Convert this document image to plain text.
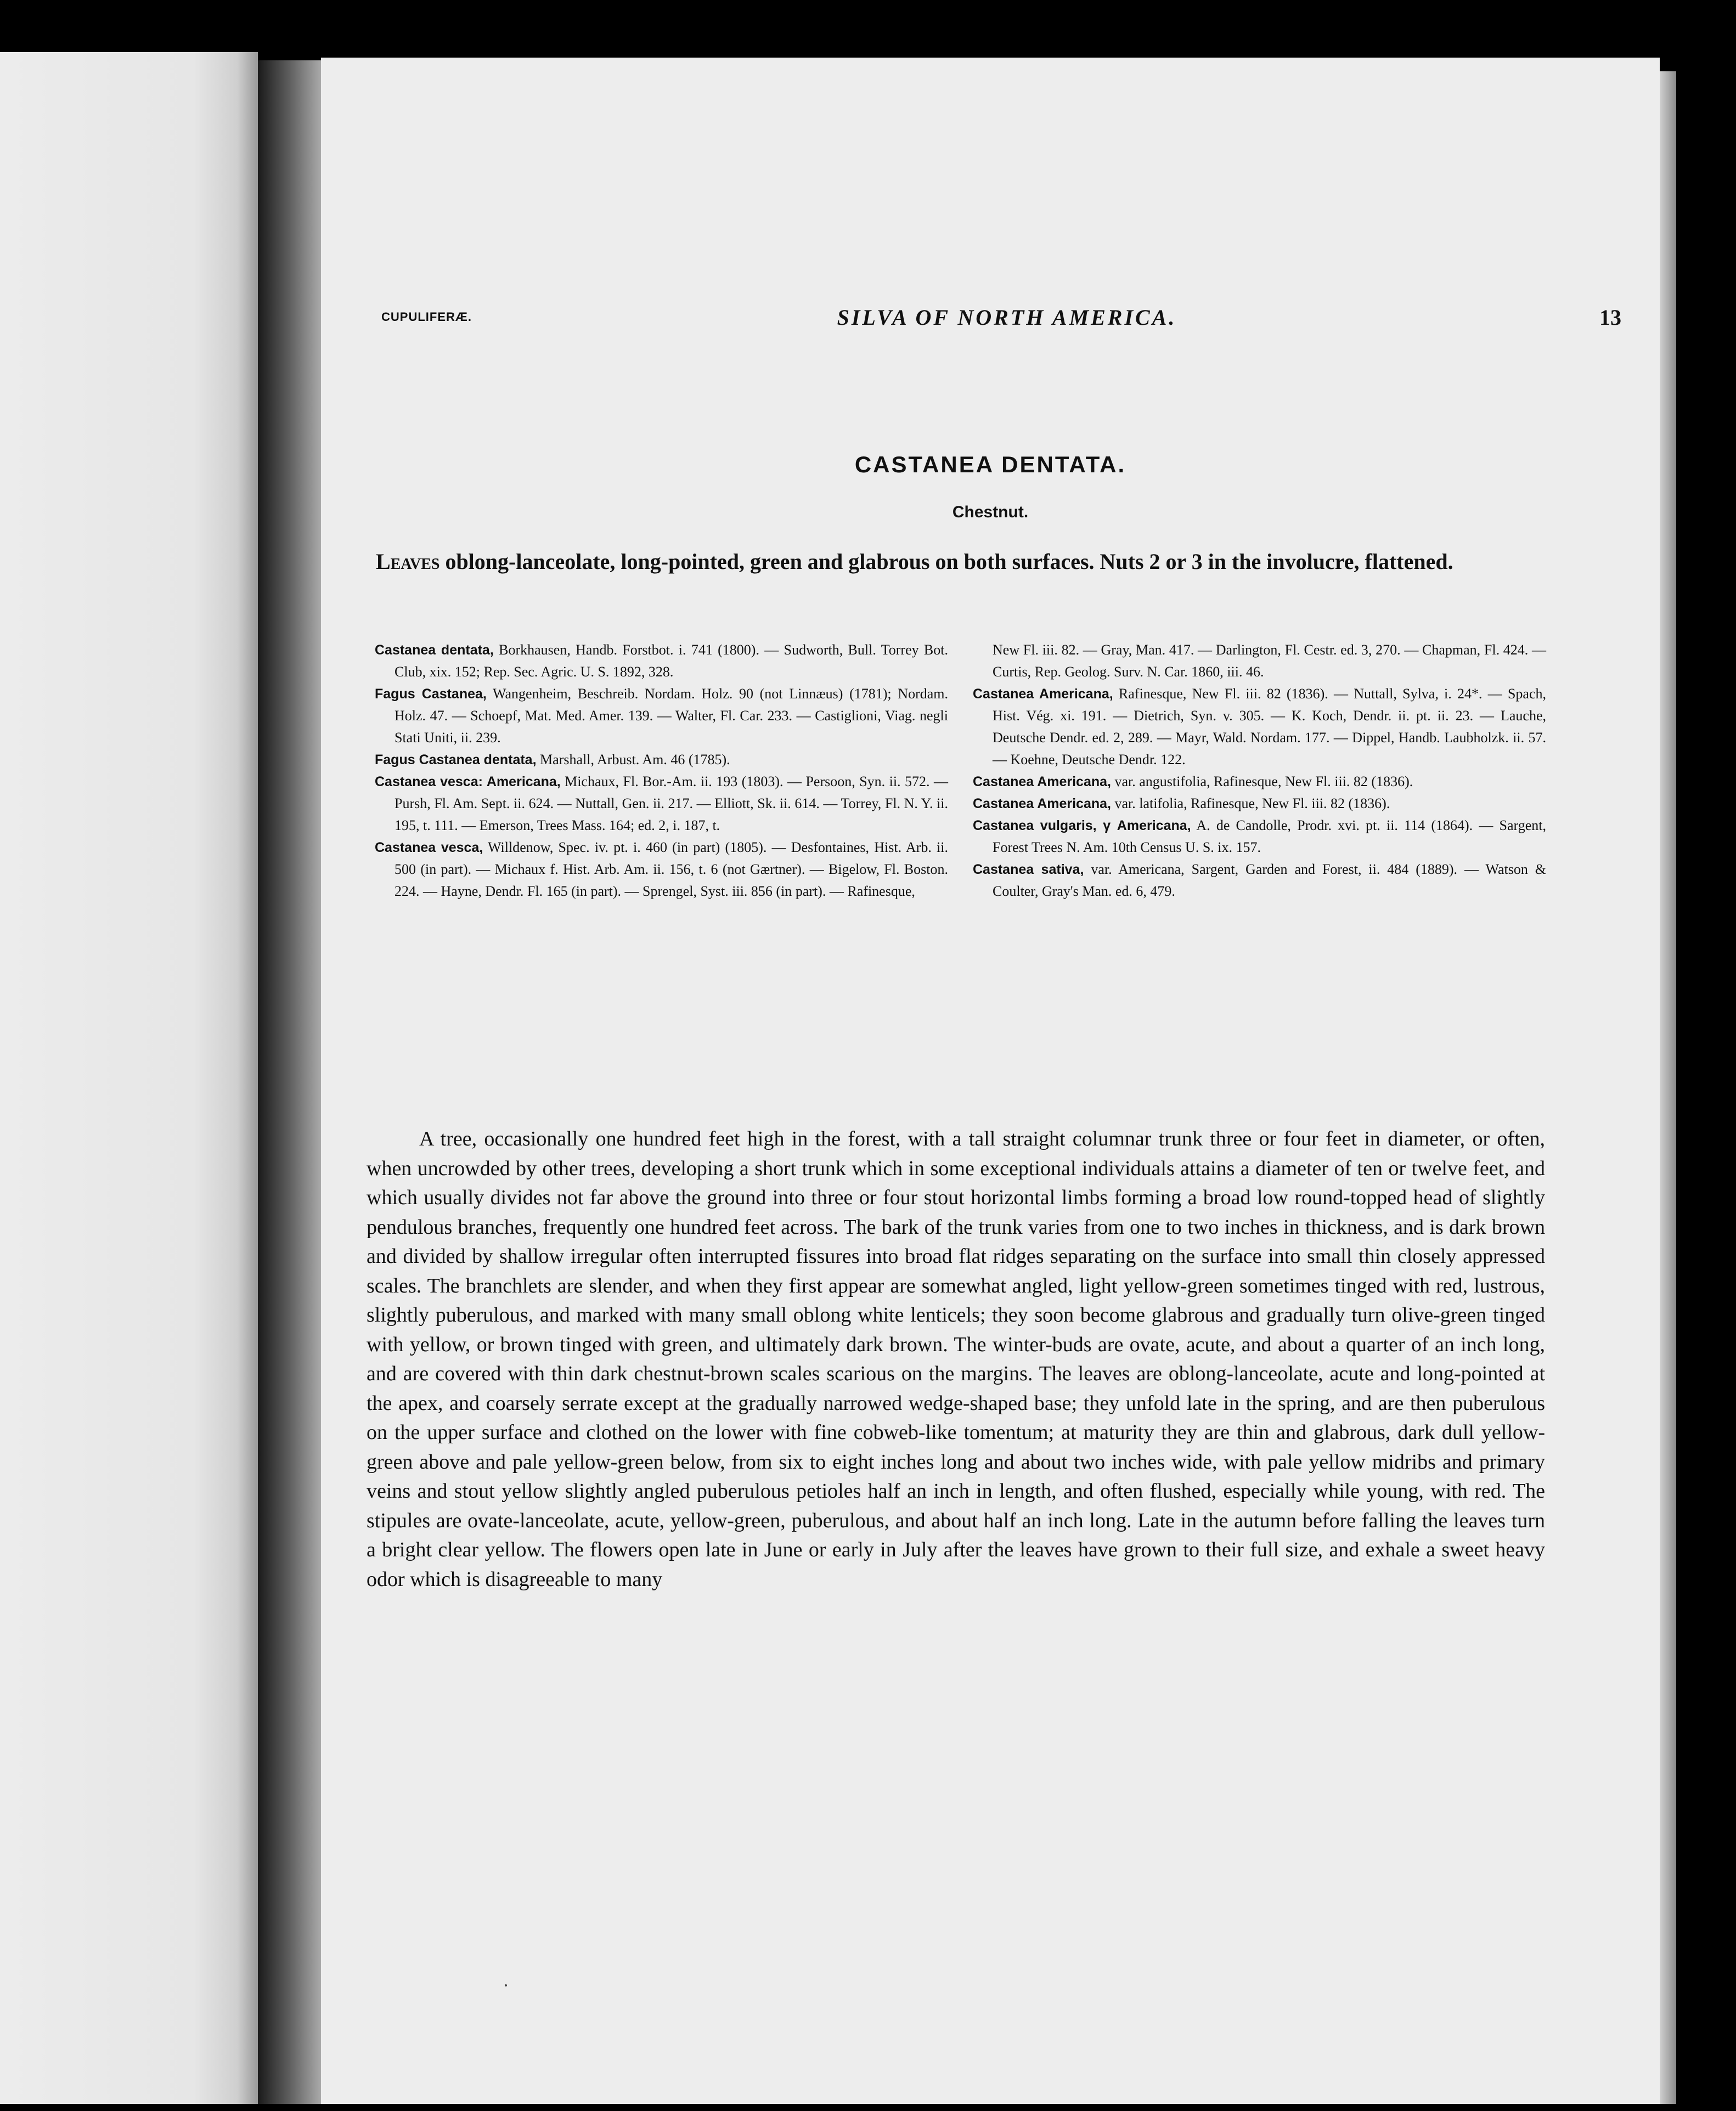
CUPULIFERÆ.	SILVA OF NORTH AMERICA.	13
CASTANEA DENTATA.
Chestnut.

Leaves oblong-lanceolate, long-pointed, green and glabrous on both surfaces. Nuts 2 or 3 in the involucre, flattened.

Castanea dentata, Borkhausen, Handb. Forstbot. i. 741 (1800). — Sudworth, Bull. Torrey Bot. Club, xix. 152; Rep. Sec. Agric. U. S. 1892, 328.

Fagus Castanea, Wangenheim, Beschreib. Nordam. Holz. 90 (not Linnæus) (1781); Nordam. Holz. 47. — Schoepf, Mat. Med. Amer. 139. — Walter, Fl. Car. 233. — Castiglioni, Viag. negli Stati Uniti, ii. 239.

Fagus Castanea dentata, Marshall, Arbust. Am. 46 (1785).

Castanea vesca: Americana, Michaux, Fl. Bor.-Am. ii. 193 (1803). — Persoon, Syn. ii. 572. — Pursh, Fl. Am. Sept. ii. 624. — Nuttall, Gen. ii. 217. — Elliott, Sk. ii. 614. — Torrey, Fl. N. Y. ii. 195, t. 111. — Emerson, Trees Mass. 164; ed. 2, i. 187, t.

Castanea vesca, Willdenow, Spec. iv. pt. i. 460 (in part) (1805). — Desfontaines, Hist. Arb. ii. 500 (in part). — Michaux f. Hist. Arb. Am. ii. 156, t. 6 (not Gærtner). — Bigelow, Fl. Boston. 224. — Hayne, Dendr. Fl. 165 (in part). — Sprengel, Syst. iii. 856 (in part). — Rafinesque,

New Fl. iii. 82. — Gray, Man. 417. — Darlington, Fl. Cestr. ed. 3, 270. — Chapman, Fl. 424. — Curtis, Rep. Geolog. Surv. N. Car. 1860, iii. 46.

Castanea Americana, Rafinesque, New Fl. iii. 82 (1836). — Nuttall, Sylva, i. 24*. — Spach, Hist. Vég. xi. 191. — Dietrich, Syn. v. 305. — K. Koch, Dendr. ii. pt. ii. 23. — Lauche, Deutsche Dendr. ed. 2, 289. — Mayr, Wald. Nordam. 177. — Dippel, Handb. Laubholzk. ii. 57. — Koehne, Deutsche Dendr. 122.

Castanea Americana, var. angustifolia, Rafinesque, New Fl. iii. 82 (1836).

Castanea Americana, var. latifolia, Rafinesque, New Fl. iii. 82 (1836).

Castanea vulgaris, γ Americana, A. de Candolle, Prodr. xvi. pt. ii. 114 (1864). — Sargent, Forest Trees N. Am. 10th Census U. S. ix. 157.

Castanea sativa, var. Americana, Sargent, Garden and Forest, ii. 484 (1889). — Watson & Coulter, Gray's Man. ed. 6, 479.

A tree, occasionally one hundred feet high in the forest, with a tall straight columnar trunk three or four feet in diameter, or often, when uncrowded by other trees, developing a short trunk which in some exceptional individuals attains a diameter of ten or twelve feet, and which usually divides not far above the ground into three or four stout horizontal limbs forming a broad low round-topped head of slightly pendulous branches, frequently one hundred feet across. The bark of the trunk varies from one to two inches in thickness, and is dark brown and divided by shallow irregular often interrupted fissures into broad flat ridges separating on the surface into small thin closely appressed scales. The branchlets are slender, and when they first appear are somewhat angled, light yellow-green sometimes tinged with red, lustrous, slightly puberulous, and marked with many small oblong white lenticels; they soon become glabrous and gradually turn olive-green tinged with yellow, or brown tinged with green, and ultimately dark brown. The winter-buds are ovate, acute, and about a quarter of an inch long, and are covered with thin dark chestnut-brown scales scarious on the margins. The leaves are oblong-lanceolate, acute and long-pointed at the apex, and coarsely serrate except at the gradually narrowed wedge-shaped base; they unfold late in the spring, and are then puberulous on the upper surface and clothed on the lower with fine cobweb-like tomentum; at maturity they are thin and glabrous, dark dull yellow-green above and pale yellow-green below, from six to eight inches long and about two inches wide, with pale yellow midribs and primary veins and stout yellow slightly angled puberulous petioles half an inch in length, and often flushed, especially while young, with red. The stipules are ovate-lanceolate, acute, yellow-green, puberulous, and about half an inch long. Late in the autumn before falling the leaves turn a bright clear yellow. The flowers open late in June or early in July after the leaves have grown to their full size, and exhale a sweet heavy odor which is disagreeable to many
